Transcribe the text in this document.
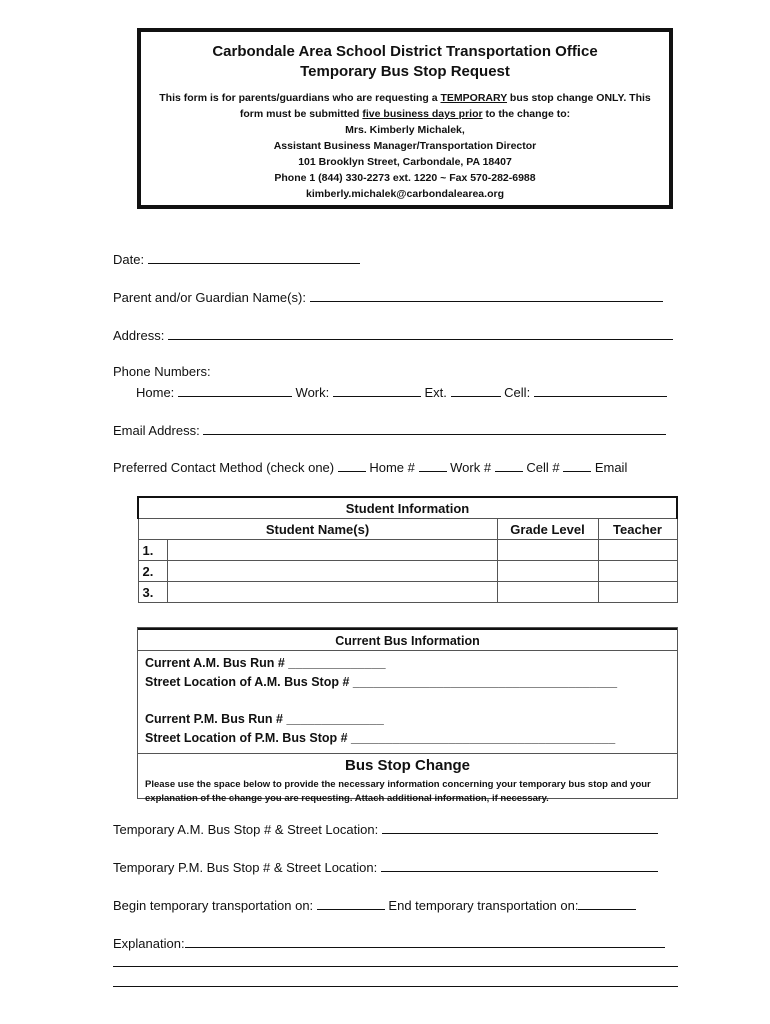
Carbondale Area School District Transportation Office
Temporary Bus Stop Request
This form is for parents/guardians who are requesting a TEMPORARY bus stop change ONLY. This form must be submitted five business days prior to the change to:
Mrs. Kimberly Michalek,
Assistant Business Manager/Transportation Director
101 Brooklyn Street, Carbondale, PA 18407
Phone 1 (844) 330-2273 ext. 1220 ~ Fax 570-282-6988
kimberly.michalek@carbondalearea.org
Date:
Parent and/or Guardian Name(s):
Address:
Phone Numbers:
Home:	Work:	Ext.	Cell:
Email Address:
Preferred Contact Method (check one)	Home #	Work #	Cell #	Email
Student Information			
Student Name(s)		Grade Level	Teacher
1.			
2.			
3.			
Current Bus Information
Current A.M. Bus Run # ______________
Street Location of A.M. Bus Stop # ______________________________________
Current P.M. Bus Run # ______________
Street Location of P.M. Bus Stop # ______________________________________
Bus Stop Change
Please use the space below to provide the necessary information concerning your temporary bus stop and your explanation of the change you are requesting. Attach additional information, if necessary.
Temporary A.M. Bus Stop # & Street Location:
Temporary P.M. Bus Stop # & Street Location:
Begin temporary transportation on:	End temporary transportation on:
Explanation:
